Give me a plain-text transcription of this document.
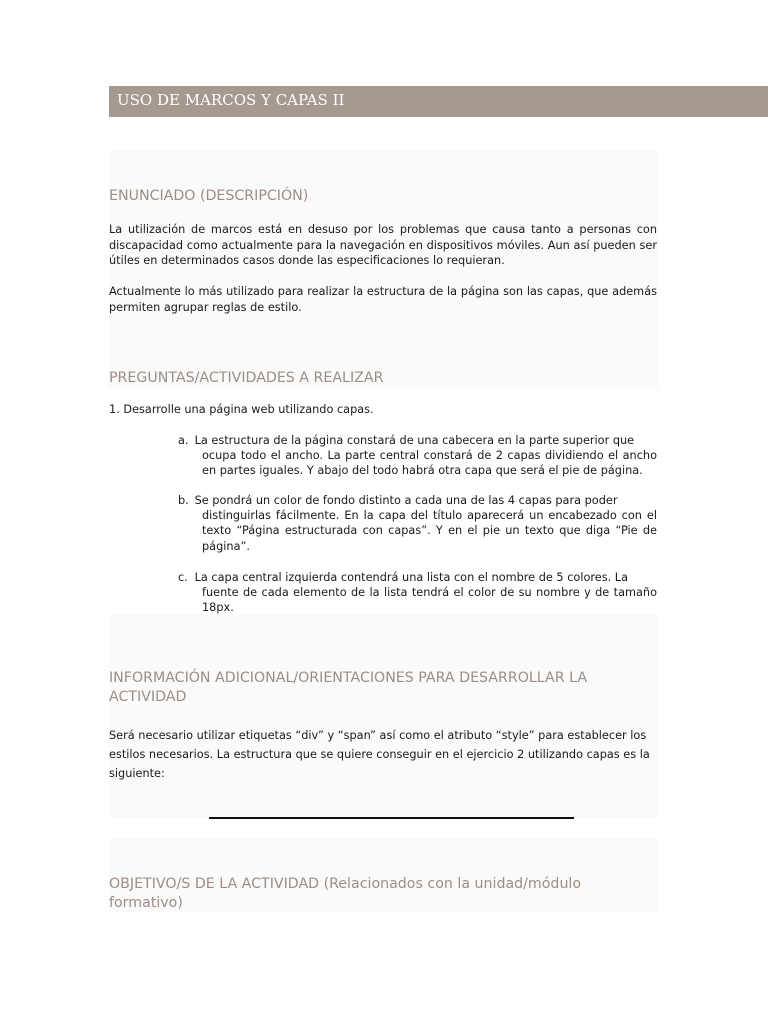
USO DE MARCOS Y CAPAS II
ENUNCIADO (DESCRIPCIÓN)

La utilización de marcos está en desuso por los problemas que causa tanto a personas con discapacidad como actualmente para la navegación en dispositivos móviles. Aun así pueden ser útiles en determinados casos donde las especificaciones lo requieran.

Actualmente lo más utilizado para realizar la estructura de la página son las capas, que además permiten agrupar reglas de estilo.

PREGUNTAS/ACTIVIDADES A REALIZAR
1. Desarrolle una página web utilizando capas.
a. La estructura de la página constará de una cabecera en la parte superior que
ocupa todo el ancho. La parte central constará de 2 capas dividiendo el ancho en partes iguales. Y abajo del todo habrá otra capa que será el pie de página.
b. Se pondrá un color de fondo distinto a cada una de las 4 capas para poder
distinguirlas fácilmente. En la capa del título aparecerá un encabezado con el texto “Página estructurada con capas”. Y en el pie un texto que diga “Pie de página”.
c. La capa central izquierda contendrá una lista con el nombre de 5 colores. La
fuente de cada elemento de la lista tendrá el color de su nombre y de tamaño 18px.
INFORMACIÓN ADICIONAL/ORIENTACIONES PARA DESARROLLAR LA ACTIVIDAD

Será necesario utilizar etiquetas “div” y “span” así como el atributo “style” para establecer los estilos necesarios. La estructura que se quiere conseguir en el ejercicio 2 utilizando capas es la siguiente:

OBJETIVO/S DE LA ACTIVIDAD (Relacionados con la unidad/módulo formativo)
